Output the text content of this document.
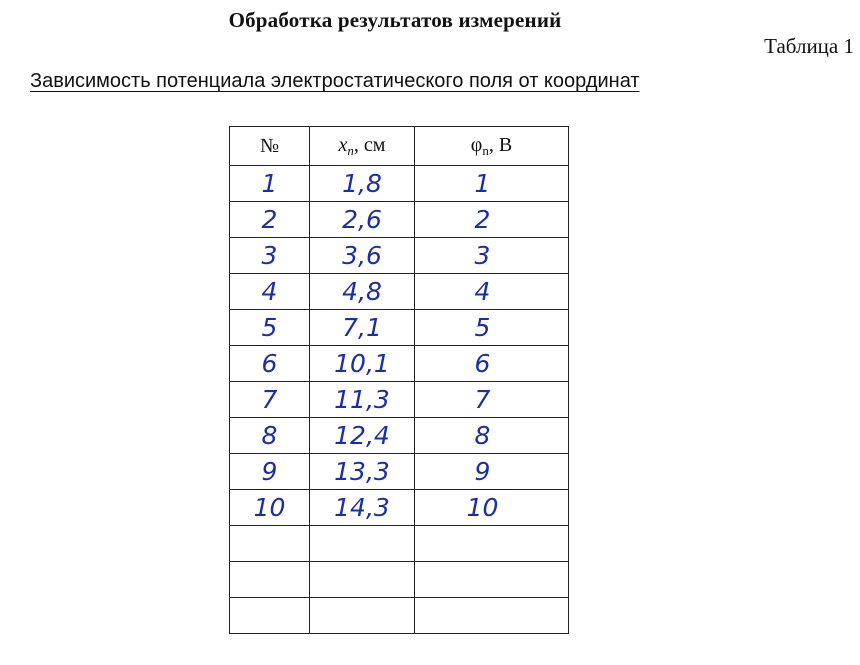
Обработка результатов измерений
Таблица 1
Зависимость потенциала электростатического поля от координат
№	$x_n$, см	$\varphi_n$, В
1	1,8	1
2	2,6	2
3	3,6	3
4	4,8	4
5	7,1	5
6	10,1	6
7	11,3	7
8	12,4	8
9	13,3	9
10	14,3	10
